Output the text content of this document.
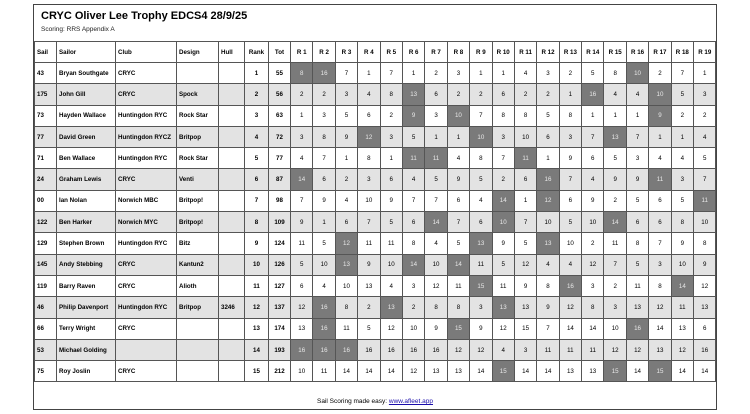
CRYC Oliver Lee Trophy EDCS4 28/9/25
Scoring: RRS Appendix A
Sail	Sailor	Club	Design	Hull	Rank	Tot	R 1	R 2	R 3	R 4	R 5	R 6	R 7	R 8	R 9	R 10	R 11	R 12	R 13	R 14	R 15	R 16	R 17	R 18	R 19
43	Bryan Southgate	CRYC			1	55	8	16	7	1	7	1	2	3	1	1	4	3	2	5	8	10	2	7	1
175	John Gill	CRYC	Spock		2	56	2	2	3	4	8	13	6	2	2	6	2	2	1	16	4	4	10	5	3
73	Hayden Wallace	Huntingdon RYC	Rock Star		3	63	1	3	5	6	2	9	3	10	7	8	8	5	8	1	1	1	9	2	2
77	David Green	Huntingdon RYCZ	Britpop		4	72	3	8	9	12	3	5	1	1	10	3	10	6	3	7	13	7	1	1	4
71	Ben Wallace	Huntingdon RYC	Rock Star		5	77	4	7	1	8	1	11	11	4	8	7	11	1	9	6	5	3	4	4	5
24	Graham Lewis	CRYC	Venti		6	87	14	6	2	3	6	4	5	9	5	2	6	16	7	4	9	9	11	3	7
00	Ian Nolan	Norwich MBC	Britpop!		7	98	7	9	4	10	9	7	7	6	4	14	1	12	6	9	2	5	6	5	11
122	Ben Harker	Norwich MYC	Britpop!		8	109	9	1	6	7	5	6	14	7	6	10	7	10	5	10	14	6	6	8	10
129	Stephen Brown	Huntingdon RYC	Bitz		9	124	11	5	12	11	11	8	4	5	13	9	5	13	10	2	11	8	7	9	8
145	Andy Stebbing	CRYC	Kantun2		10	126	5	10	13	9	10	14	10	14	11	5	12	4	4	12	7	5	3	10	9
119	Barry Raven	CRYC	Alioth		11	127	6	4	10	13	4	3	12	11	15	11	9	8	16	3	2	11	8	14	12
46	Philip Davenport	Huntingdon RYC	Britpop	3246	12	137	12	16	8	2	13	2	8	8	3	13	13	9	12	8	3	13	12	11	13
66	Terry Wright	CRYC			13	174	13	16	11	5	12	10	9	15	9	12	15	7	14	14	10	16	14	13	6
53	Michael Golding				14	193	16	16	16	16	16	16	16	12	12	4	3	11	11	11	12	12	13	12	16
75	Roy Joslin	CRYC			15	212	10	11	14	14	14	12	13	13	14	15	14	14	13	13	15	14	15	14	14
Sail Scoring made easy: www.afleet.app
